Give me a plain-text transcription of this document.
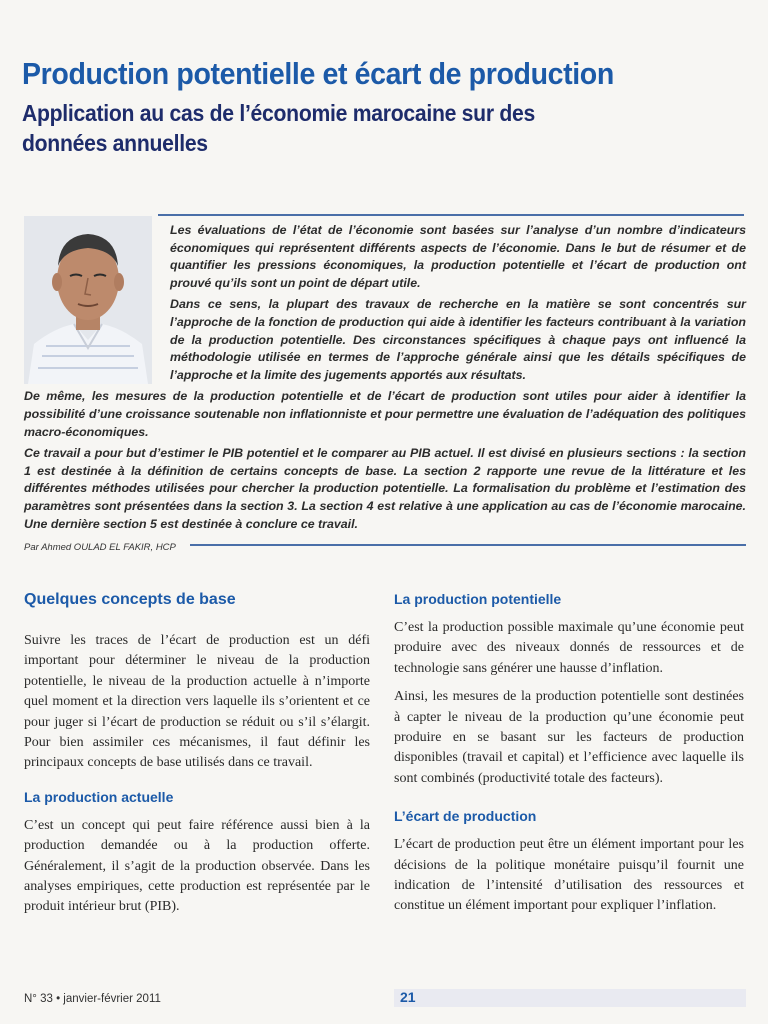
Production potentielle et écart de production
Application au cas de l’économie marocaine sur des données annuelles

Les évaluations de l’état de l’économie sont basées sur l’analyse d’un nombre d’indicateurs économiques qui représentent différents aspects de l’économie. Dans le but de résumer et de quantifier les pressions économiques, la production potentielle et l’écart de production ont prouvé qu’ils sont un point de départ utile.

Dans ce sens, la plupart des travaux de recherche en la matière se sont concentrés sur l’approche de la fonction de production qui aide à identifier les facteurs contribuant à la variation de la production potentielle. Des circonstances spécifiques à chaque pays ont influencé la méthodologie utilisée en termes de l’approche générale ainsi que les détails spécifiques de l’approche et la limite des jugements apportés aux résultats.

De même, les mesures de la production potentielle et de l’écart de production sont utiles pour aider à identifier la possibilité d’une croissance soutenable non inflationniste et pour permettre une évaluation de l’adéquation des politiques macro-économiques.

Ce travail a pour but d’estimer le PIB potentiel et le comparer au PIB actuel. Il est divisé en plusieurs sections : la section 1 est destinée à la définition de certains concepts de base. La section 2 rapporte une revue de la littérature et les différentes méthodes utilisées pour chercher la production potentielle. La formalisation du problème et l’estimation des paramètres sont présentées dans la section 3. La section 4 est relative à une application au cas de l’économie marocaine. Une dernière section 5 est destinée à conclure ce travail.

Par Ahmed OULAD EL FAKIR, HCP
Quelques concepts de base

Suivre les traces de l’écart de production est un défi important pour déterminer le niveau de la production potentielle, le niveau de la production actuelle à n’importe quel moment et la direction vers laquelle ils s’orientent et ce pour juger si l’écart de production se réduit ou s’il s’élargit. Pour bien assimiler ces mécanismes, il faut définir les principaux concepts de base utilisés dans ce travail.

La production actuelle

C’est un concept qui peut faire référence aussi bien à la production demandée ou à la production offerte. Généralement, il s’agit de la production observée. Dans les analyses empiriques, cette production est représentée par le produit intérieur brut (PIB).

La production potentielle

C’est la production possible maximale qu’une économie peut produire avec des niveaux donnés de ressources et de technologie sans générer une hausse d’inflation.

Ainsi, les mesures de la production potentielle sont destinées à capter le niveau de la production qu’une économie peut produire en se basant sur les facteurs de production disponibles (travail et capital) et l’efficience avec laquelle ils sont combinés (productivité totale des facteurs).

L’écart de production

L’écart de production peut être un élément important pour les décisions de la politique monétaire puisqu’il fournit une indication de l’intensité d’utilisation des ressources et constitue un élément important pour expliquer l’inflation.

N° 33 • janvier-février 2011	21
